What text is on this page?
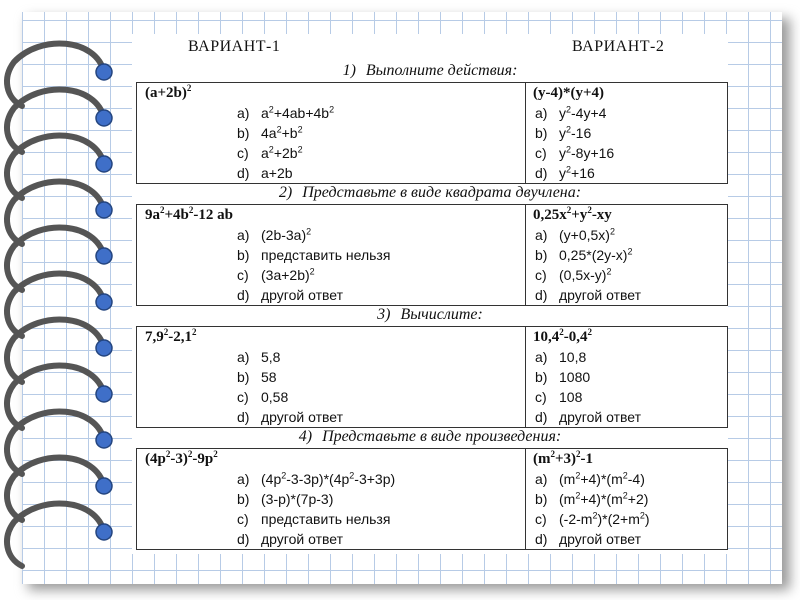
ВАРИАНТ-1	ВАРИАНТ-2
1) Выполните действия:
$(a+2b)^2$
a) $a^2+4ab+4b^2$
b) $4a^2+b^2$
c) $a^2+2b^2$
d) a+2b
(y-4)*(y+4)
a) $y^2-4y+4$
b) $y^2-16$
c) $y^2-8y+16$
d) $y^2+16$
2) Представьте в виде квадрата двучлена:
$9a^2+4b^2-12$ ab
a) $(2b-3a)^2$
b) представить нельзя
c) $(3a+2b)^2$
d) другой ответ
$0,25x^2+y^2-xy$
a) $(y+0,5x)^2$
b) $0,25*(2y-x)^2$
c) $(0,5x-y)^2$
d) другой ответ
3) Вычислите:
$7,9^2-2,1^2$
a) 5,8
b) 58
c) 0,58
d) другой ответ
$10,4^2-0,4^2$
a) 10,8
b) 1080
c) 108
d) другой ответ
4) Представьте в виде произведения:
$(4p^2-3)^2-9p^2$
a) $(4p^2-3-3p)*(4p^2-3+3p)$
b) (3-p)*(7p-3)
c) представить нельзя
d) другой ответ
$(m^2+3)^2-1$
a) $(m^2+4)*(m^2-4)$
b) $(m^2+4)*(m^2+2)$
c) $(-2-m^2)*(2+m^2)$
d) другой ответ
